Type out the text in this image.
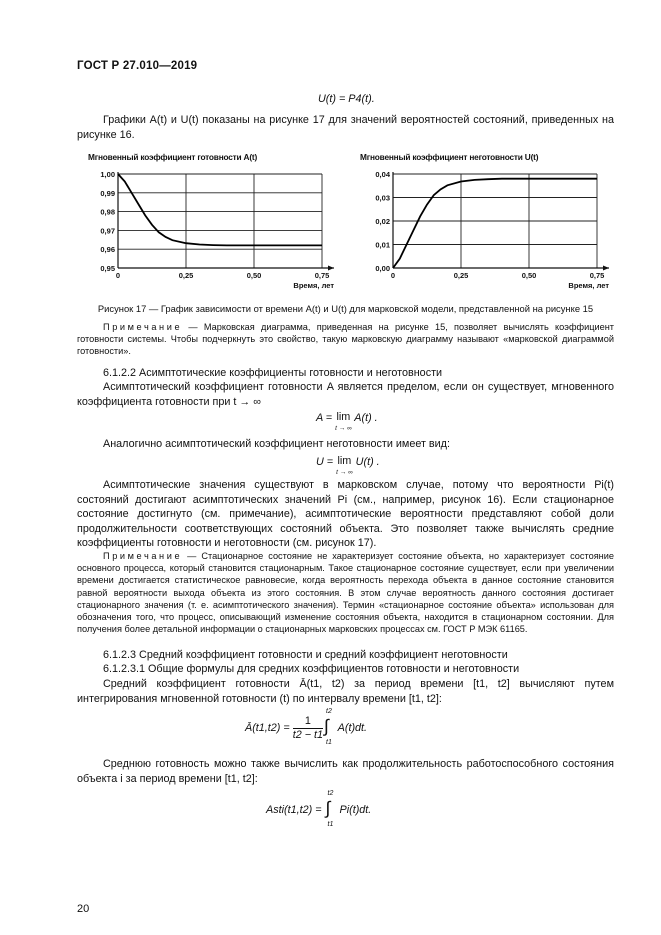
ГОСТ Р 27.010—2019
U(t) = P4(t).
Графики A(t) и U(t) показаны на рисунке 17 для значений вероятностей состояний, приведенных на рисунке 16.
Мгновенный коэффициент готовности A(t)	Мгновенный коэффициент неготовности U(t)
0,95
0,96
0,97
0,98
0,99
1,00
0	0,25	0,50	0,75
Время, лет
0,00
0,01
0,02
0,03
0,04
0	0,25	0,50	0,75
Время, лет
Рисунок 17 — График зависимости от времени A(t) и U(t) для марковской модели, представленной на рисунке 15
Примечание — Марковская диаграмма, приведенная на рисунке 15, позволяет вычислять коэффициент готовности системы. Чтобы подчеркнуть это свойство, такую марковскую диаграмму называют «марковской диаграммой готовности».
6.1.2.2 Асимптотические коэффициенты готовности и неготовности
Асимптотический коэффициент готовности A является пределом, если он существует, мгновенного коэффициента готовности при t → ∞
A = lim
t → ∞
A(t) .
Аналогично асимптотический коэффициент неготовности имеет вид:
U = lim
t → ∞
U(t) .
Асимптотические значения существуют в марковском случае, потому что вероятности Pi(t) состояний достигают асимптотических значений Pi (см., например, рисунок 16). Если стационарное состояние достигнуто (см. примечание), асимптотические вероятности представляют собой доли продолжительности соответствующих состояний объекта. Это позволяет также вычислять средние коэффициенты готовности и неготовности (см. рисунок 17).
Примечание — Стационарное состояние не характеризует состояние объекта, но характеризует состояние основного процесса, который становится стационарным. Такое стационарное состояние существует, если при увеличении времени достигается статистическое равновесие, когда вероятность перехода объекта в данное состояние становится равной вероятности выхода объекта из этого состояния. В этом случае вероятность данного состояния достигает стационарного значения (т. е. асимптотического значения). Термин «стационарное состояние объекта» использован для обозначения того, что процесс, описывающий изменение состояния объекта, находится в стационарном состоянии. Для получения более детальной информации о стационарных марковских процессах см. ГОСТ Р МЭК 61165.
6.1.2.3 Средний коэффициент готовности и средний коэффициент неготовности
6.1.2.3.1 Общие формулы для средних коэффициентов готовности и неготовности
Средний коэффициент готовности Ā(t1, t2) за период времени [t1, t2] вычисляют путем интегрирования мгновенной готовности (t) по интервалу времени [t1, t2]:
Ā(t1,t2) = $\frac{1}{t2 - t1}$
t2
∫
t1
A(t)dt.
Среднюю готовность можно также вычислить как продолжительность работоспособного состояния объекта i за период времени [t1, t2]:
Asti(t1,t2) =
t2
∫
t1
Pi(t)dt.
20
